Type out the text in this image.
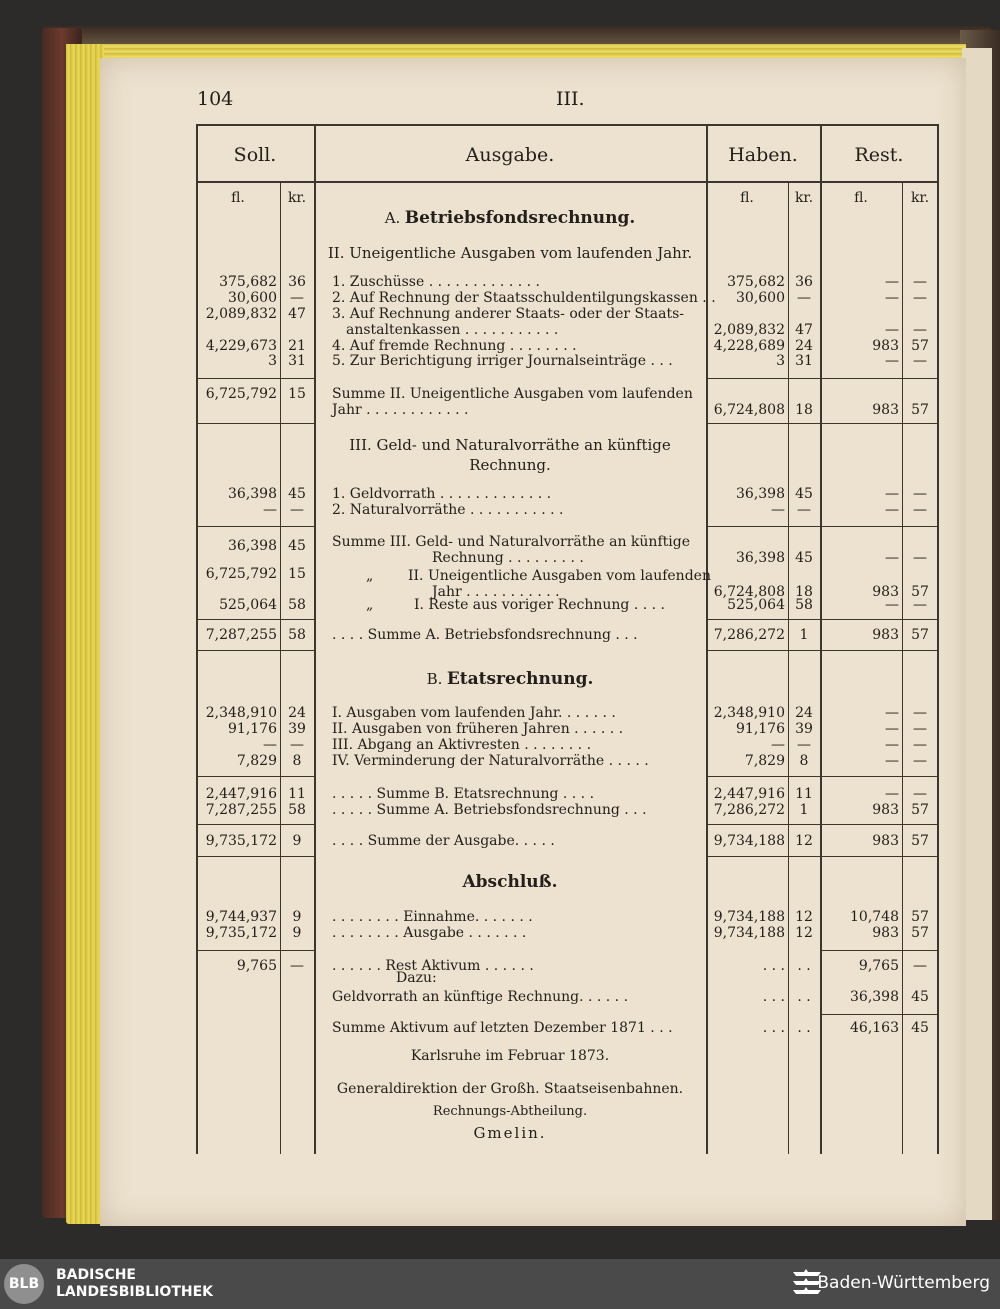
104	III.
Soll.	Ausgabe.	Haben.	Rest.
fl.	kr.	fl.	kr.	fl.	kr.
A. Betriebsfondsrechnung.
II. Uneigentliche Ausgaben vom laufenden Jahr.
375,682 36	1. Zuschüsse . . . . . . . . . . . . .	375,682 36	—	—
30,600 —	2. Auf Rechnung der Staatsschuldentilgungskassen . .	30,600 —	—	—
2,089,832 47	3. Auf Rechnung anderer Staats- oder der Staats-
anstaltenkassen . . . . . . . . . . .	2,089,832 47	—	—
4,229,673 21	4. Auf fremde Rechnung . . . . . . . .	4,228,689 24	983 57
3 31	5. Zur Berichtigung irriger Journalseinträge . . .	3 31	—	—
6,725,792 15	Summe II. Uneigentliche Ausgaben vom laufenden
Jahr . . . . . . . . . . . .	6,724,808 18	983 57
36,398 45	1. Geldvorrath . . . . . . . . . . . . .	36,398 45	—	—
— —	2. Naturalvorräthe . . . . . . . . . . .	— —	—	—
36,398 45	Summe III. Geld- und Naturalvorräthe an künftige
Rechnung . . . . . . . . .	36,398 45	—	—
6,725,792 15	„ II. Uneigentliche Ausgaben vom laufenden
Jahr . . . . . . . . . . .	6,724,808 18	983 57
525,064 58	„	I. Reste aus voriger Rechnung . . . .	525,064 58	—	—
7,287,255 58	. . . . Summe A. Betriebsfondsrechnung . . .	7,286,272	1	983 57
2,348,910 24	I. Ausgaben vom laufenden Jahr. . . . . . .	2,348,910 24	—	—
91,176 39	II. Ausgaben von früheren Jahren . . . . . .	91,176 39	—	—
— —	III. Abgang an Aktivresten . . . . . . . .	— —	—	—
7,829	8	IV. Verminderung der Naturalvorräthe . . . . .	7,829	8	—	—
2,447,916 11	. . . . . Summe B. Etatsrechnung . . . .	2,447,916 11	—	—
7,287,255 58	. . . . . Summe A. Betriebsfondsrechnung . . .	7,286,272	1	983 57
9,735,172	9	. . . . Summe der Ausgabe. . . . .	9,734,188 12	983 57
9,744,937	9	. . . . . . . . Einnahme. . . . . . .	9,734,188 12	10,748 57
9,735,172	9	. . . . . . . . Ausgabe . . . . . . .	9,734,188 12	983 57
9,765 —	. . . . . . Rest Aktivum . . . . . .	. . . . .	9,765	—
Geldvorrath an künftige Rechnung. . . . . .	. . . . .	36,398 45
Summe Aktivum auf letzten Dezember 1871 . . .	. . . . .	46,163 45
III. Geld- und Naturalvorräthe an künftige
Rechnung.
B. Etatsrechnung.
Abschluß.
Dazu:
Karlsruhe im Februar 1873.
Generaldirektion der Großh. Staatseisenbahnen.
Rechnungs-Abtheilung.
Gmelin.
BLB
BADISCHE
LANDESBIBLIOTHEK	Baden-Württemberg
